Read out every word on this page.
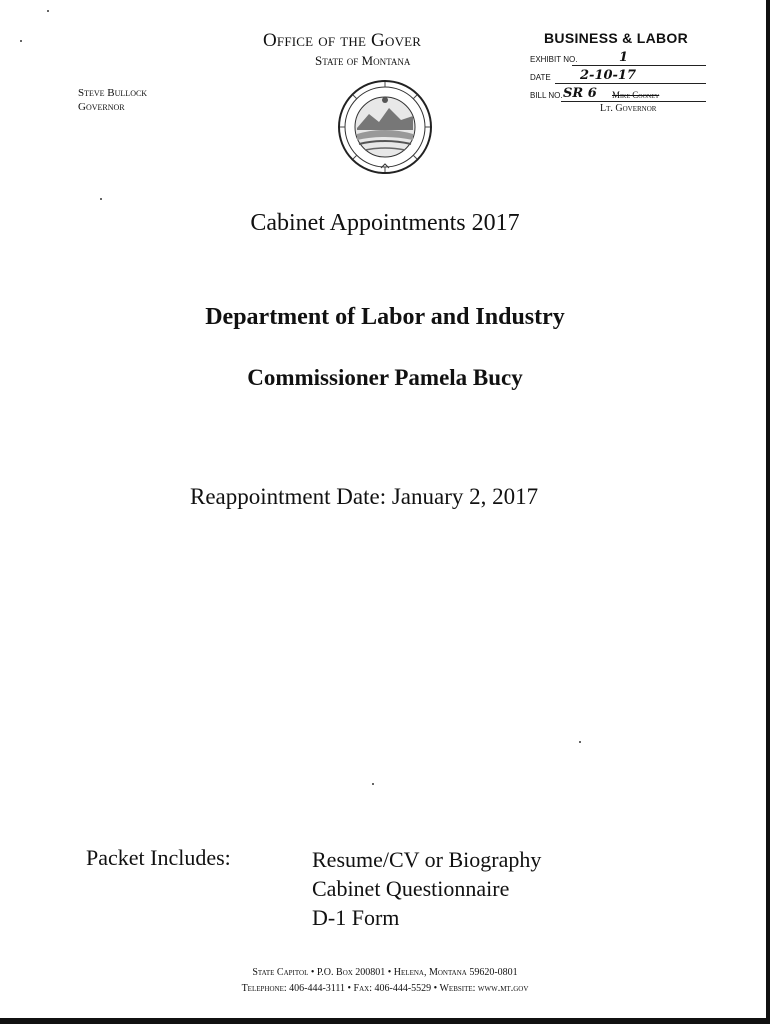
Office of the Gover
State of Montana
Steve Bullock
Governor
BUSINESS & LABOR
EXHIBIT NO.	1
DATE 2-10-17
BILL NO. SR 6 Mike Cooney
Lt. Governor
Cabinet Appointments 2017
Department of Labor and Industry
Commissioner Pamela Bucy
Reappointment Date: January 2, 2017
Packet Includes:	Resume/CV or Biography
Cabinet Questionnaire
D-1 Form
State Capitol • P.O. Box 200801 • Helena, Montana 59620-0801
Telephone: 406-444-3111 • Fax: 406-444-5529 • Website: www.mt.gov
